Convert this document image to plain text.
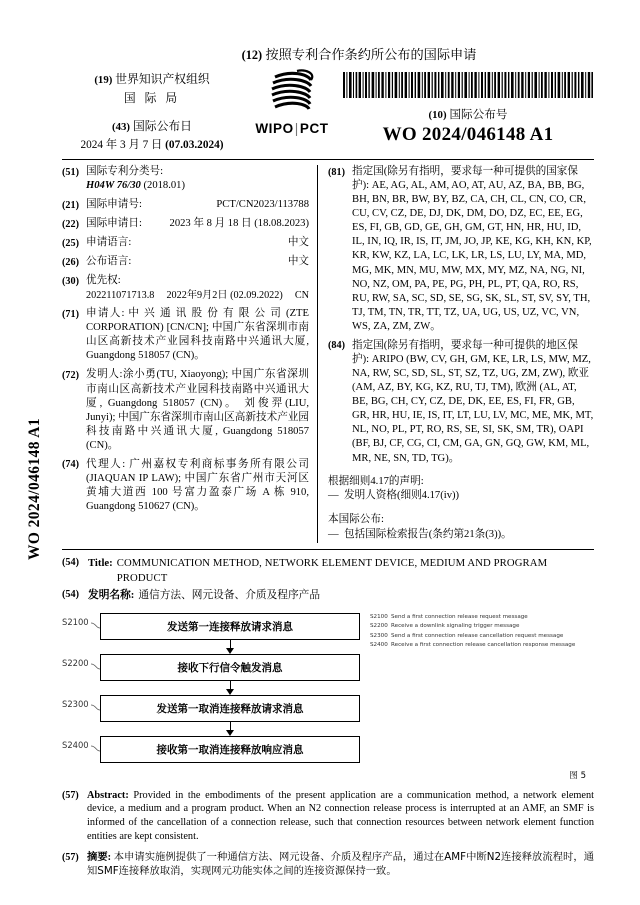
WO 2024/046148 A1
(12) 按照专利合作条约所公布的国际申请
(19) 世界知识产权组织
国 际 局
(43) 国际公布日
2024 年 3 月 7 日 (07.03.2024)
WIPO|PCT
(10) 国际公布号
WO 2024/046148 A1
(51) 国际专利分类号:
H04W 76/30 (2018.01)
(21) 国际申请号:	PCT/CN2023/113788
(22) 国际申请日:	2023 年 8 月 18 日 (18.08.2023)
(25) 申请语言:	中文
(26) 公布语言:	中文
(30) 优先权:
202211071713.8 2022年9月2日 (02.09.2022) CN
(71) 申请人: 中 兴 通 讯 股 份 有 限 公 司 (ZTE CORPORATION) [CN/CN]; 中国广东省深圳市南山区高新技术产业园科技南路中兴通讯大厦, Guangdong 518057 (CN)。
(72) 发明人:涂小勇(TU, Xiaoyong); 中国广东省深圳市南山区高新技术产业园科技南路中兴通讯大厦, Guangdong 518057 (CN)。 刘俊羿(LIU, Junyi); 中国广东省深圳市南山区高新技术产业园科技南路中兴通讯大厦, Guangdong 518057 (CN)。
(74) 代理人: 广州嘉权专利商标事务所有限公司 (JIAQUAN IP LAW); 中国广东省广州市天河区黄埔大道西 100 号富力盈泰广场 A 栋 910, Guangdong 510627 (CN)。
(81) 指定国(除另有指明，要求每一种可提供的国家保护): AE, AG, AL, AM, AO, AT, AU, AZ, BA, BB, BG, BH, BN, BR, BW, BY, BZ, CA, CH, CL, CN, CO, CR, CU, CV, CZ, DE, DJ, DK, DM, DO, DZ, EC, EE, EG, ES, FI, GB, GD, GE, GH, GM, GT, HN, HR, HU, ID, IL, IN, IQ, IR, IS, IT, JM, JO, JP, KE, KG, KH, KN, KP, KR, KW, KZ, LA, LC, LK, LR, LS, LU, LY, MA, MD, MG, MK, MN, MU, MW, MX, MY, MZ, NA, NG, NI, NO, NZ, OM, PA, PE, PG, PH, PL, PT, QA, RO, RS, RU, RW, SA, SC, SD, SE, SG, SK, SL, ST, SV, SY, TH, TJ, TM, TN, TR, TT, TZ, UA, UG, US, UZ, VC, VN, WS, ZA, ZM, ZW。
(84) 指定国(除另有指明，要求每一种可提供的地区保护): ARIPO (BW, CV, GH, GM, KE, LR, LS, MW, MZ, NA, RW, SC, SD, SL, ST, SZ, TZ, UG, ZM, ZW), 欧亚 (AM, AZ, BY, KG, KZ, RU, TJ, TM), 欧洲 (AL, AT, BE, BG, CH, CY, CZ, DE, DK, EE, ES, FI, FR, GB, GR, HR, HU, IE, IS, IT, LT, LU, LV, MC, ME, MK, MT, NL, NO, PL, PT, RO, RS, SE, SI, SK, SM, TR), OAPI (BF, BJ, CF, CG, CI, CM, GA, GN, GQ, GW, KM, ML, MR, NE, SN, TD, TG)。
根据细则4.17的声明:
— 发明人资格(细则4.17(iv))
本国际公布:
— 包括国际检索报告(条约第21条(3))。
(54) Title: COMMUNICATION METHOD, NETWORK ELEMENT DEVICE, MEDIUM AND PROGRAM PRODUCT
(54) 发明名称: 通信方法、网元设备、介质及程序产品
S2100
S2200
S2300
S2400
发送第一连接释放请求消息
接收下行信令触发消息
发送第一取消连接释放请求消息
接收第一取消连接释放响应消息
S2100 Send a first connection release request message
S2200 Receive a downlink signaling trigger message
S2300 Send a first connection release cancellation request message
S2400 Receive a first connection release cancellation response message
图 5
(57) Abstract: Provided in the embodiments of the present application are a communication method, a network element device, a medium and a program product. When an N2 connection release process is interrupted at an AMF, an SMF is informed of the cancellation of a connection release, such that connection resources between network element function entities are kept consistent.
(57) 摘要: 本申请实施例提供了一种通信方法、网元设备、介质及程序产品，通过在AMF中断N2连接释放流程时，通知SMF连接释放取消，实现网元功能实体之间的连接资源保持一致。
